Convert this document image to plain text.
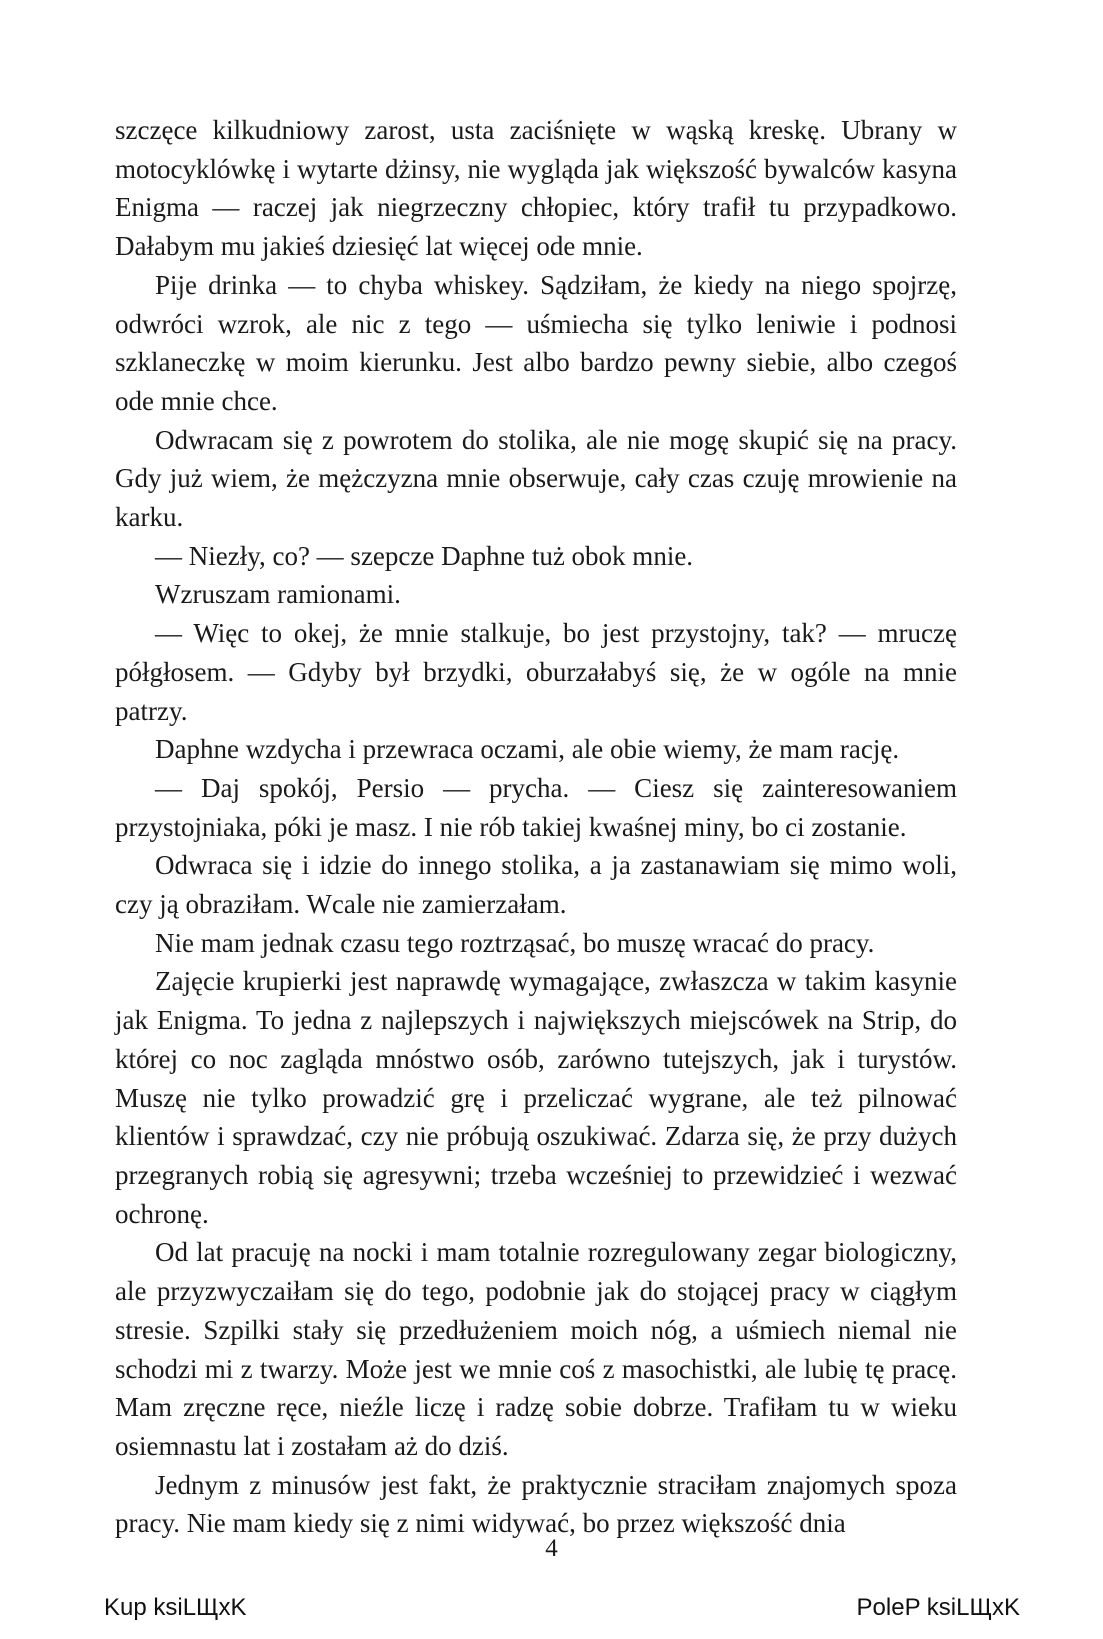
szczęce kilkudniowy zarost, usta zaciśnięte w wąską kreskę. Ubrany w motocyklówkę i wytarte dżinsy, nie wygląda jak większość bywalców kasyna Enigma — raczej jak niegrzeczny chłopiec, który trafił tu przypadkowo. Dałabym mu jakieś dziesięć lat więcej ode mnie.

Pije drinka — to chyba whiskey. Sądziłam, że kiedy na niego spojrzę, odwróci wzrok, ale nic z tego — uśmiecha się tylko leniwie i podnosi szklaneczkę w moim kierunku. Jest albo bardzo pewny siebie, albo czegoś ode mnie chce.

Odwracam się z powrotem do stolika, ale nie mogę skupić się na pracy. Gdy już wiem, że mężczyzna mnie obserwuje, cały czas czuję mrowienie na karku.

— Niezły, co? — szepcze Daphne tuż obok mnie.

Wzruszam ramionami.

— Więc to okej, że mnie stalkuje, bo jest przystojny, tak? — mruczę półgłosem. — Gdyby był brzydki, oburzałabyś się, że w ogóle na mnie patrzy.

Daphne wzdycha i przewraca oczami, ale obie wiemy, że mam rację.

— Daj spokój, Persio — prycha. — Ciesz się zainteresowaniem przystojniaka, póki je masz. I nie rób takiej kwaśnej miny, bo ci zostanie.

Odwraca się i idzie do innego stolika, a ja zastanawiam się mimo woli, czy ją obraziłam. Wcale nie zamierzałam.

Nie mam jednak czasu tego roztrząsać, bo muszę wracać do pracy.

Zajęcie krupierki jest naprawdę wymagające, zwłaszcza w takim kasynie jak Enigma. To jedna z najlepszych i największych miejscówek na Strip, do której co noc zagląda mnóstwo osób, zarówno tutejszych, jak i turystów. Muszę nie tylko prowadzić grę i przeliczać wygrane, ale też pilnować klientów i sprawdzać, czy nie próbują oszukiwać. Zdarza się, że przy dużych przegranych robią się agresywni; trzeba wcześniej to przewidzieć i wezwać ochronę.

Od lat pracuję na nocki i mam totalnie rozregulowany zegar biologiczny, ale przyzwyczaiłam się do tego, podobnie jak do stojącej pracy w ciągłym stresie. Szpilki stały się przedłużeniem moich nóg, a uśmiech niemal nie schodzi mi z twarzy. Może jest we mnie coś z masochistki, ale lubię tę pracę. Mam zręczne ręce, nieźle liczę i radzę sobie dobrze. Trafiłam tu w wieku osiemnastu lat i zostałam aż do dziś.

Jednym z minusów jest fakt, że praktycznie straciłam znajomych spoza pracy. Nie mam kiedy się z nimi widywać, bo przez większość dnia

4
Kup ksiLЩxK	PoleP ksiLЩxK
